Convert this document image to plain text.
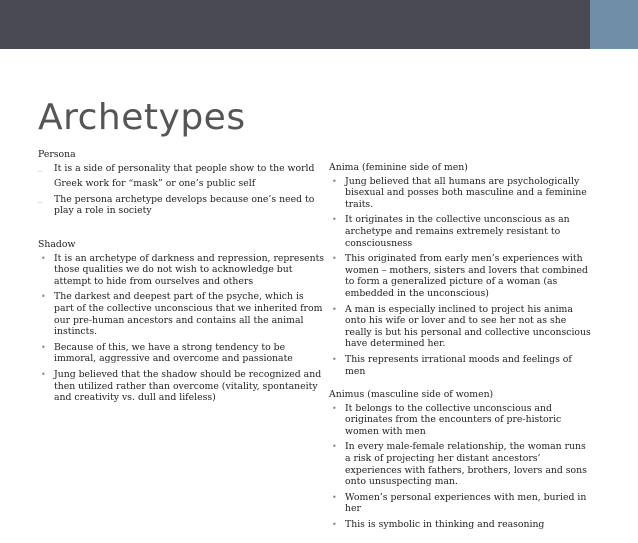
Archetypes

Persona

_ It is a side of personality that people show to the world
Greek work for “mask” or one’s public self
_ The persona archetype develops because one’s need to play a role in society

Shadow

• It is an archetype of darkness and repression, represents those qualities we do not wish to acknowledge but attempt to hide from ourselves and others
• The darkest and deepest part of the psyche, which is part of the collective unconscious that we inherited from our pre-human ancestors and contains all the animal instincts.
• Because of this, we have a strong tendency to be immoral, aggressive and overcome and passionate
• Jung believed that the shadow should be recognized and then utilized rather than overcome (vitality, spontaneity and creativity vs. dull and lifeless)

Anima (feminine side of men)

• Jung believed that all humans are psychologically bisexual and posses both masculine and a feminine traits.
• It originates in the collective unconscious as an archetype and remains extremely resistant to consciousness
• This originated from early men’s experiences with women – mothers, sisters and lovers that combined to form a generalized picture of a woman (as embedded in the unconscious)
• A man is especially inclined to project his anima onto his wife or lover and to see her not as she really is but his personal and collective unconscious have determined her.
• This represents irrational moods and feelings of men

Animus (masculine side of women)

• It belongs to the collective unconscious and originates from the encounters of pre-historic women with men
• In every male-female relationship, the woman runs a risk of projecting her distant ancestors’ experiences with fathers, brothers, lovers and sons onto unsuspecting man.
• Women’s personal experiences with men, buried in her
• This is symbolic in thinking and reasoning
